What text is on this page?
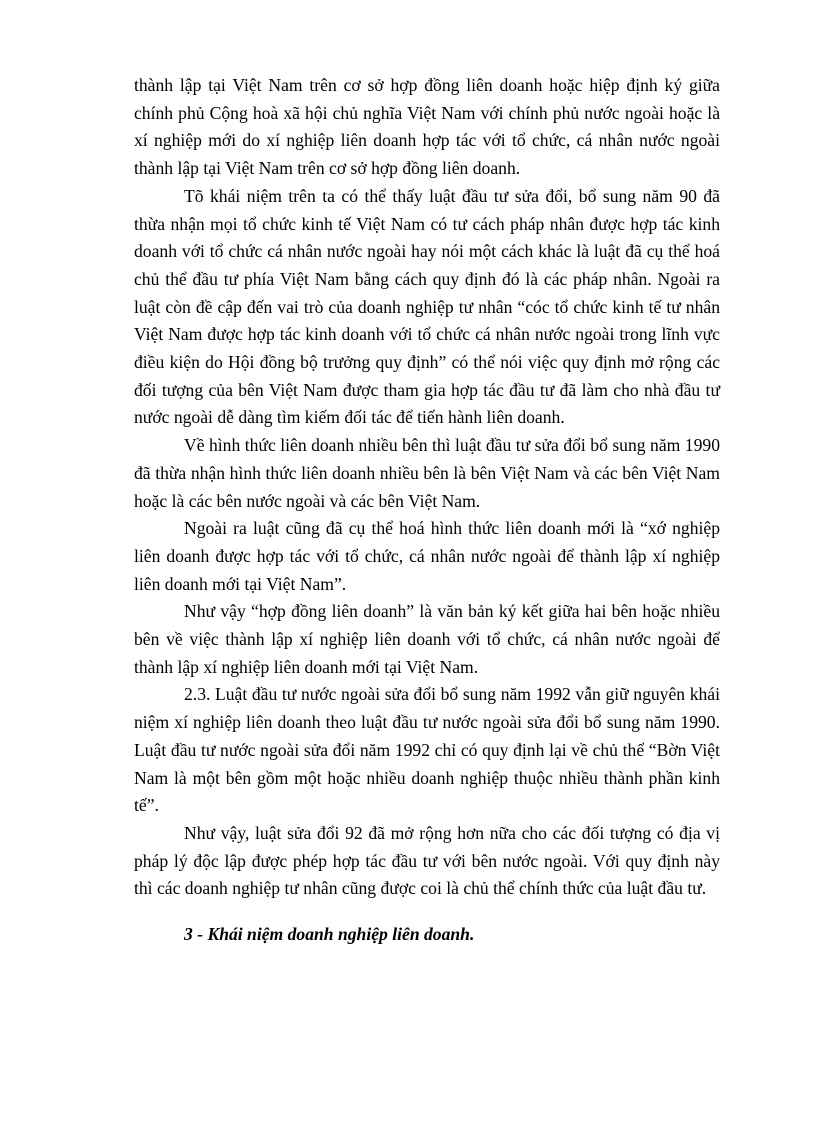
thành lập tại Việt Nam trên cơ sở hợp đồng liên doanh hoặc hiệp định ký giữa chính phủ Cộng hoà xã hội chủ nghĩa Việt Nam với chính phủ nước ngoài hoặc là xí nghiệp mới do xí nghiệp liên doanh hợp tác với tổ chức, cá nhân nước ngoài thành lập tại Việt Nam trên cơ sở hợp đồng liên doanh.

Tõ khái niệm trên ta có thể thấy luật đầu tư sửa đổi, bổ sung năm 90 đã thừa nhận mọi tổ chức kinh tế Việt Nam có tư cách pháp nhân được hợp tác kinh doanh với tổ chức cá nhân nước ngoài hay nói một cách khác là luật đã cụ thể hoá chủ thể đầu tư phía Việt Nam bằng cách quy định đó là các pháp nhân. Ngoài ra luật còn đề cập đến vai trò của doanh nghiệp tư nhân “cóc tổ chức kinh tế tư nhân Việt Nam được hợp tác kinh doanh với tổ chức cá nhân nước ngoài trong lĩnh vực điều kiện do Hội đồng bộ trưởng quy định” có thể nói việc quy định mở rộng các đối tượng của bên Việt Nam được tham gia hợp tác đầu tư đã làm cho nhà đầu tư nước ngoài dễ dàng tìm kiếm đối tác để tiến hành liên doanh.

Về hình thức liên doanh nhiều bên thì luật đầu tư sửa đổi bổ sung năm 1990 đã thừa nhận hình thức liên doanh nhiều bên là bên Việt Nam và các bên Việt Nam hoặc là các bên nước ngoài và các bên Việt Nam.

Ngoài ra luật cũng đã cụ thể hoá hình thức liên doanh mới là “xớ nghiệp liên doanh được hợp tác với tổ chức, cá nhân nước ngoài để thành lập xí nghiệp liên doanh mới tại Việt Nam”.

Như vậy “hợp đồng liên doanh” là văn bản ký kết giữa hai bên hoặc nhiều bên về việc thành lập xí nghiệp liên doanh với tổ chức, cá nhân nước ngoài để thành lập xí nghiệp liên doanh mới tại Việt Nam.

2.3. Luật đầu tư nước ngoài sửa đổi bổ sung năm 1992 vẫn giữ nguyên khái niệm xí nghiệp liên doanh theo luật đầu tư nước ngoài sửa đổi bổ sung năm 1990. Luật đầu tư nước ngoài sửa đổi năm 1992 chỉ có quy định lại về chủ thể “Bờn Việt Nam là một bên gồm một hoặc nhiều doanh nghiệp thuộc nhiều thành phần kinh tế”.

Như vậy, luật sửa đổi 92 đã mở rộng hơn nữa cho các đối tượng có địa vị pháp lý độc lập được phép hợp tác đầu tư với bên nước ngoài. Với quy định này thì các doanh nghiệp tư nhân cũng được coi là chủ thể chính thức của luật đầu tư.

3 - Khái niệm doanh nghiệp liên doanh.
